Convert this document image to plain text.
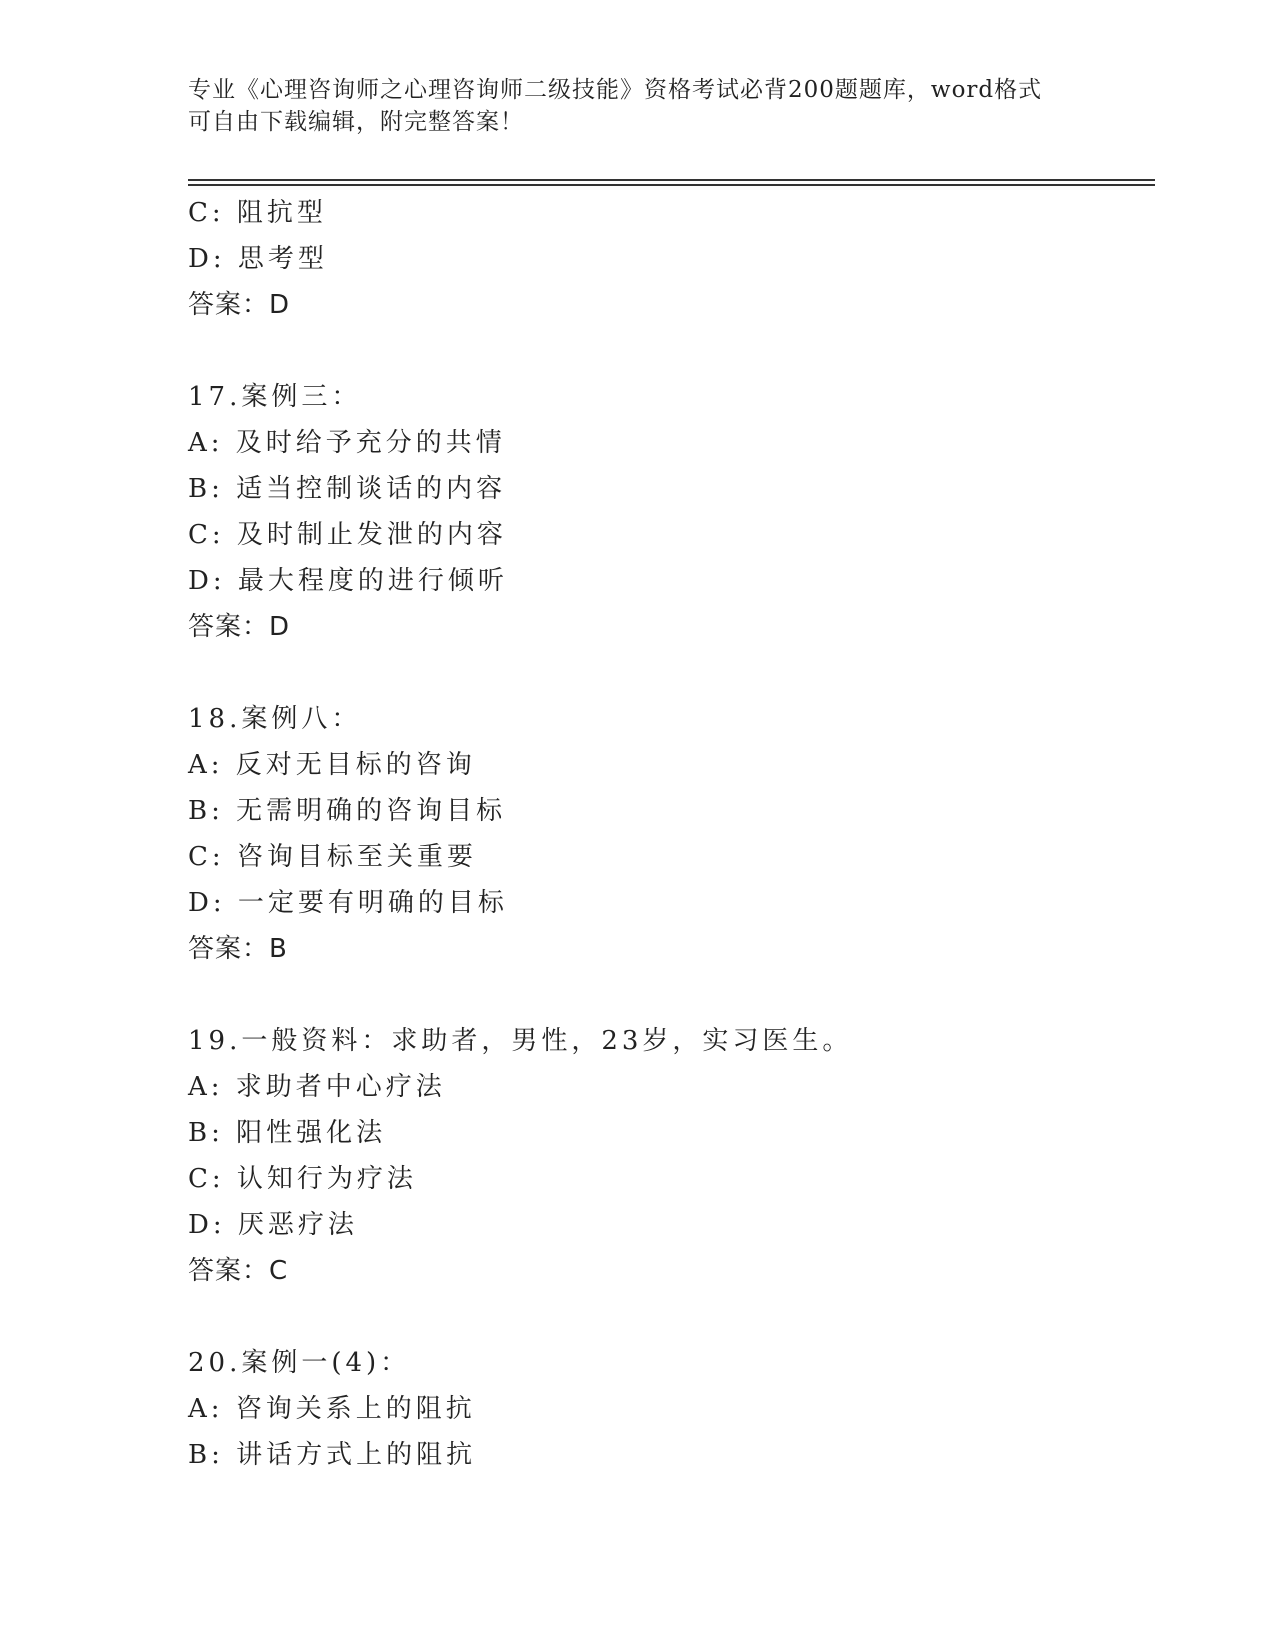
专业《心理咨询师之心理咨询师二级技能》资格考试必背200题题库，word格式
可自由下载编辑，附完整答案！
C: 阻抗型
D: 思考型
答案：D
17.案例三：
A: 及时给予充分的共情
B: 适当控制谈话的内容
C: 及时制止发泄的内容
D: 最大程度的进行倾听
答案：D
18.案例八：
A: 反对无目标的咨询
B: 无需明确的咨询目标
C: 咨询目标至关重要
D: 一定要有明确的目标
答案：B
19.一般资料：求助者，男性，23岁，实习医生。
A: 求助者中心疗法
B: 阳性强化法
C: 认知行为疗法
D: 厌恶疗法
答案：C
20.案例一(4)：
A: 咨询关系上的阻抗
B: 讲话方式上的阻抗
